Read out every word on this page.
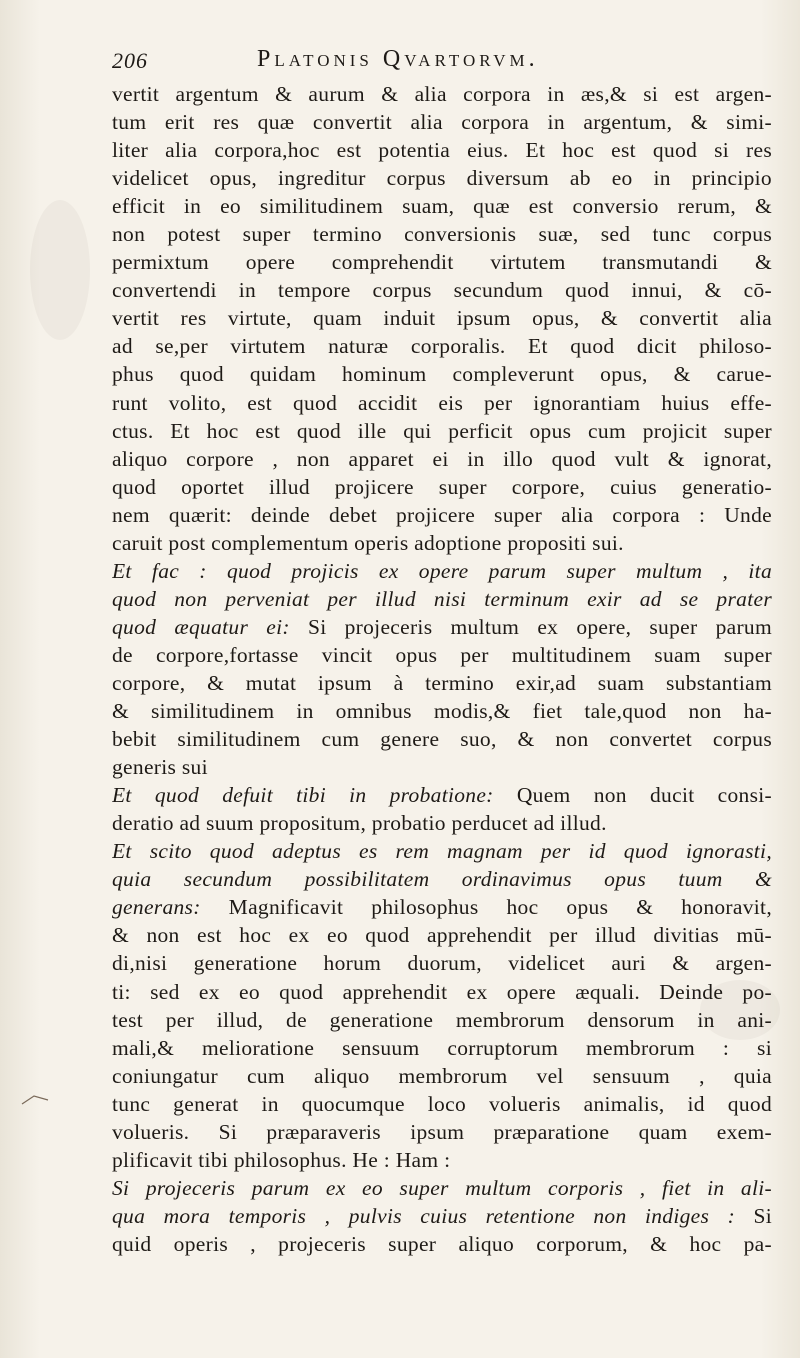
206	Platonis Qvartorvm.
vertit argentum & aurum & alia corpora in æs,& si est argen-
tum erit res quæ convertit alia corpora in argentum, & simi-
liter alia corpora,hoc est potentia eius. Et hoc est quod si res
videlicet opus, ingreditur corpus diversum ab eo in principio
efficit in eo similitudinem suam, quæ est conversio rerum, &
non potest super termino conversionis suæ, sed tunc corpus
permixtum opere comprehendit virtutem transmutandi &
convertendi in tempore corpus secundum quod innui, & cō-
vertit res virtute, quam induit ipsum opus, & convertit alia
ad se,per virtutem naturæ corporalis. Et quod dicit philoso-
phus quod quidam hominum compleverunt opus, & carue-
runt volito, est quod accidit eis per ignorantiam huius effe-
ctus. Et hoc est quod ille qui perficit opus cum projicit super
aliquo corpore , non apparet ei in illo quod vult & ignorat,
quod oportet illud projicere super corpore, cuius generatio-
nem quærit: deinde debet projicere super alia corpora : Unde
caruit post complementum operis adoptione propositi sui.
Et fac : quod projicis ex opere parum super multum , ita
quod non perveniat per illud nisi terminum exir ad se prater
quod æquatur ei: Si projeceris multum ex opere, super parum
de corpore,fortasse vincit opus per multitudinem suam super
corpore, & mutat ipsum à termino exir,ad suam substantiam
& similitudinem in omnibus modis,& fiet tale,quod non ha-
bebit similitudinem cum genere suo, & non convertet corpus
generis sui
Et quod defuit tibi in probatione: Quem non ducit consi-
deratio ad suum propositum, probatio perducet ad illud.
Et scito quod adeptus es rem magnam per id quod ignorasti,
quia secundum possibilitatem ordinavimus opus tuum &
generans: Magnificavit philosophus hoc opus & honoravit,
& non est hoc ex eo quod apprehendit per illud divitias mū-
di,nisi generatione horum duorum, videlicet auri & argen-
ti: sed ex eo quod apprehendit ex opere æquali. Deinde po-
test per illud, de generatione membrorum densorum in ani-
mali,& melioratione sensuum corruptorum membrorum : si
coniungatur cum aliquo membrorum vel sensuum , quia
tunc generat in quocumque loco volueris animalis, id quod
volueris. Si præparaveris ipsum præparatione quam exem-
plificavit tibi philosophus. He : Ham :
Si projeceris parum ex eo super multum corporis , fiet in ali-
qua mora temporis , pulvis cuius retentione non indiges : Si
quid operis , projeceris super aliquo corporum, & hoc pa-
